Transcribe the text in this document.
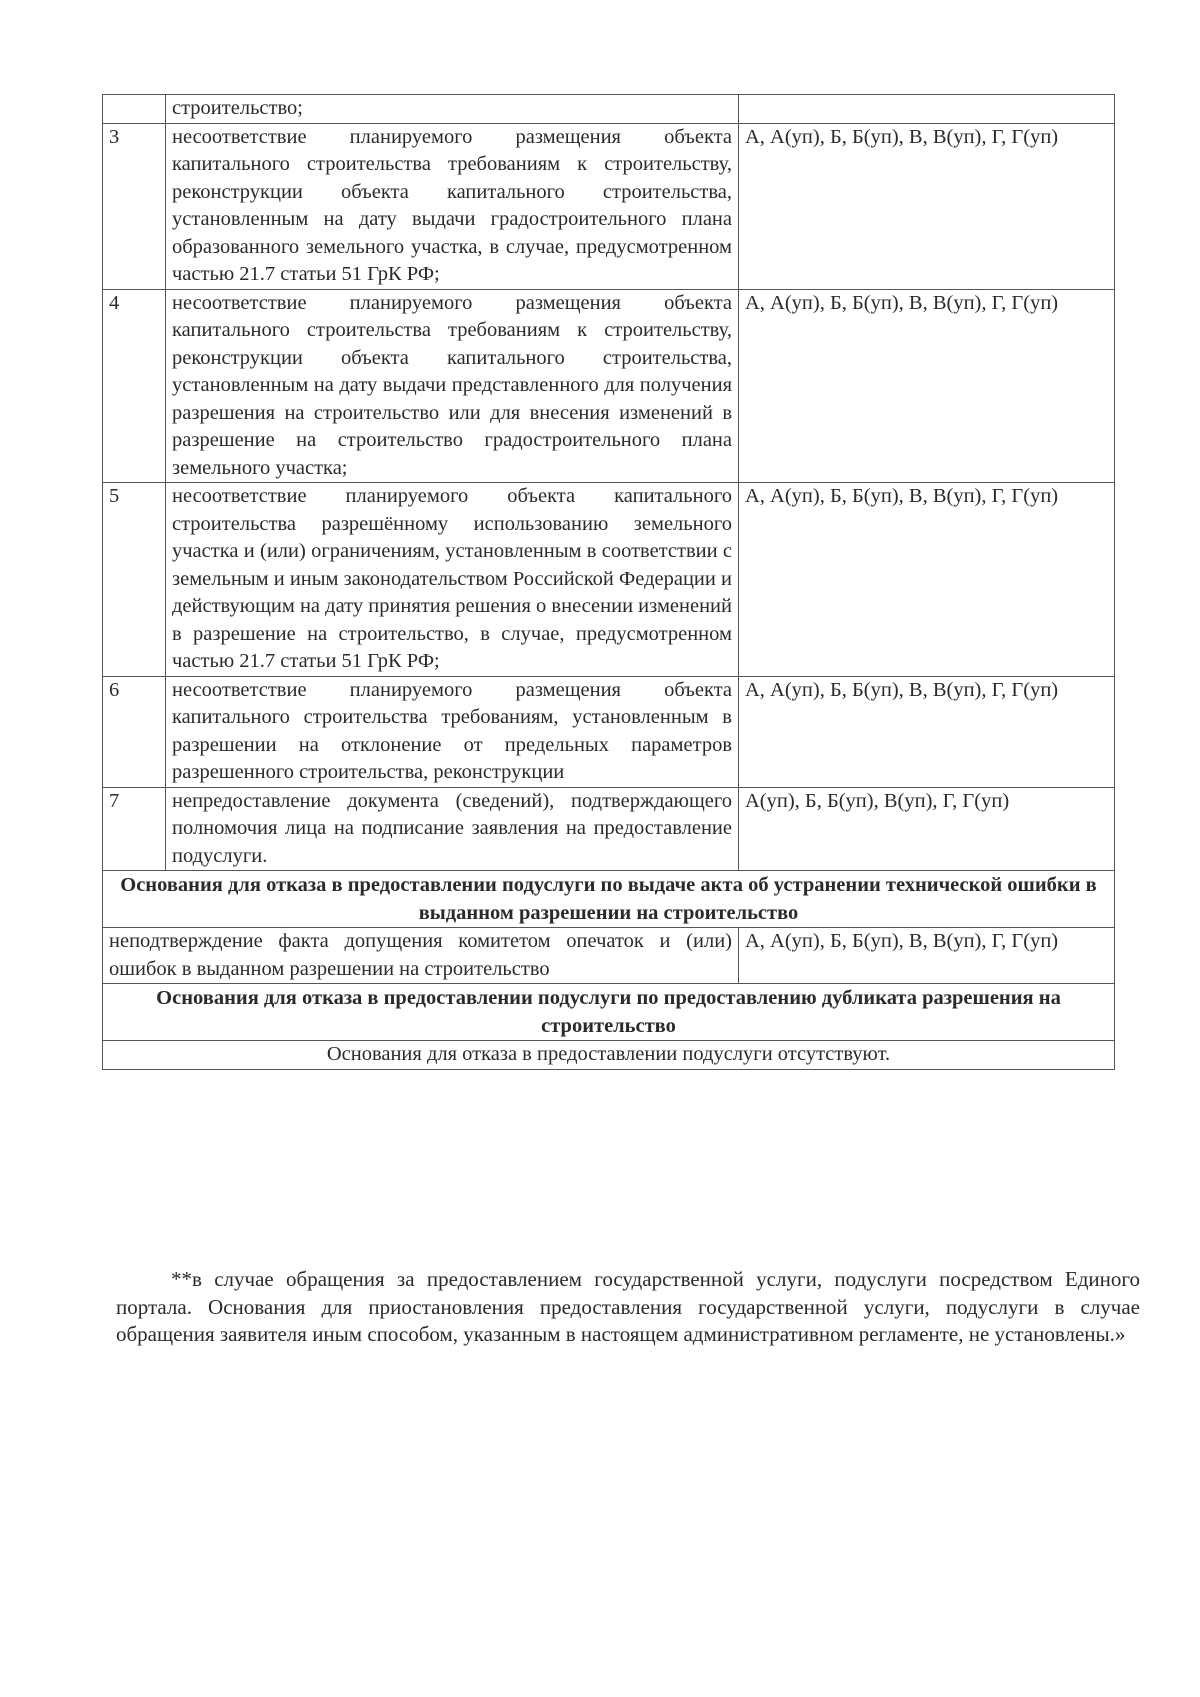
	строительство;	
3	несоответствие планируемого размещения объекта капитального строительства требованиям к строительству, реконструкции объекта капитального строительства, установленным на дату выдачи градостроительного плана образованного земельного участка, в случае, предусмотренном частью 21.7 статьи 51 ГрК РФ;	А, А(уп), Б, Б(уп), В, В(уп), Г, Г(уп)
4	несоответствие планируемого размещения объекта капитального строительства требованиям к строительству, реконструкции объекта капитального строительства, установленным на дату выдачи представленного для получения разрешения на строительство или для внесения изменений в разрешение на строительство градостроительного плана земельного участка;	А, А(уп), Б, Б(уп), В, В(уп), Г, Г(уп)
5	несоответствие планируемого объекта капитального строительства разрешённому использованию земельного участка и (или) ограничениям, установленным в соответствии с земельным и иным законодательством Российской Федерации и действующим на дату принятия решения о внесении изменений в разрешение на строительство, в случае, предусмотренном частью 21.7 статьи 51 ГрК РФ;	А, А(уп), Б, Б(уп), В, В(уп), Г, Г(уп)
6	несоответствие планируемого размещения объекта капитального строительства требованиям, установленным в разрешении на отклонение от предельных параметров разрешенного строительства, реконструкции	А, А(уп), Б, Б(уп), В, В(уп), Г, Г(уп)
7	непредоставление документа (сведений), подтверждающего полномочия лица на подписание заявления на предоставление подуслуги.	А(уп), Б, Б(уп), В(уп), Г, Г(уп)
Основания для отказа в предоставлении подуслуги по выдаче акта об устранении технической ошибки в выданном разрешении на строительство		
неподтверждение факта допущения комитетом опечаток и (или) ошибок в выданном разрешении на строительство		А, А(уп), Б, Б(уп), В, В(уп), Г, Г(уп)
Основания для отказа в предоставлении подуслуги по предоставлению дубликата разрешения на строительство		
Основания для отказа в предоставлении подуслуги отсутствуют.		

**в случае обращения за предоставлением государственной услуги, подуслуги посредством Единого портала. Основания для приостановления предоставления государственной услуги, подуслуги в случае обращения заявителя иным способом, указанным в настоящем административном регламенте, не установлены.»
